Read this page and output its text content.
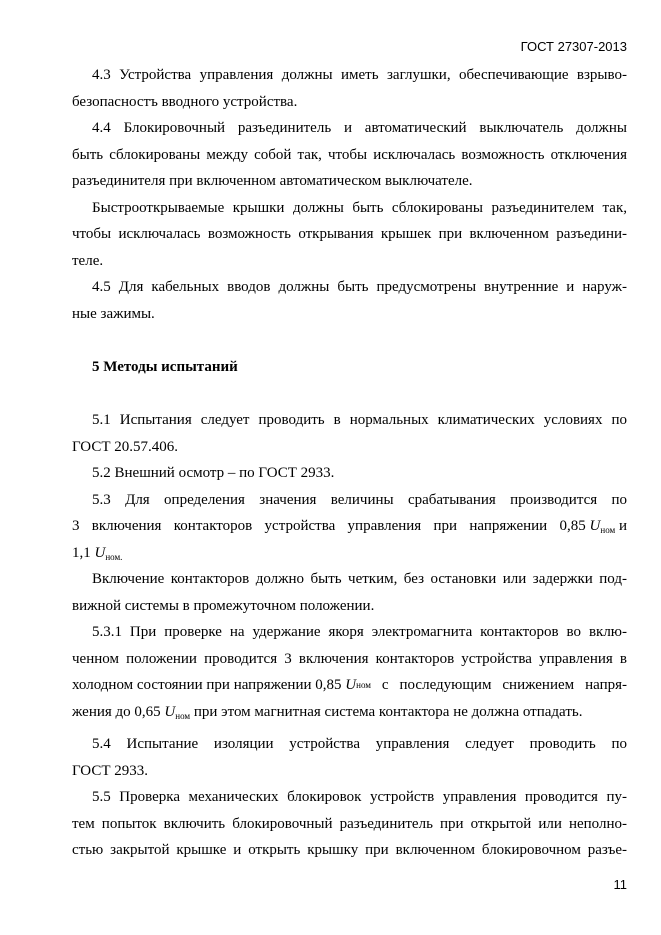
ГОСТ 27307-2013
4.3 Устройства управления должны иметь заглушки, обеспечивающие взрыво-
безопасностъ вводного устройства.
4.4 Блокировочный разъединитель и автоматический выключатель должны
быть сблокированы между собой так, чтобы исключалась возможность отключения
разъединителя при включенном автоматическом выключателе.
Быстрооткрываемые крышки должны быть сблокированы разъединителем так,
чтобы исключалась возможность открывания крышек при включенном разъедини-
теле.
4.5 Для кабельных вводов должны быть предусмотрены внутренние и наруж-
ные зажимы.
5 Методы испытаний
5.1 Испытания следует проводить в нормальных климатических условиях по
ГОСТ 20.57.406.
5.2 Внешний осмотр – по ГОСТ 2933.
5.3 Для определения значения величины срабатывания производится по
3 включения контакторов устройства управления при напряжении 0,85 $U_{ном}$ и
1,1 $U_{ном.}$
Включение контакторов должно быть четким, без остановки или задержки под-
вижной системы в промежуточном положении.
5.3.1 При проверке на удержание якоря электромагнита контакторов во вклю-
ченном положении проводится 3 включения контакторов устройства управления в
холодном состоянии при напряжении 0,85 U ном с последующим снижением напря-
жения до 0,65 $U_{ном}$ при этом магнитная система контактора не должна отпадать.
5.4 Испытание изоляции устройства управления следует проводить по
ГОСТ 2933.
5.5 Проверка механических блокировок устройств управления проводится пу-
тем попыток включить блокировочный разъединитель при открытой или неполно-
стью закрытой крышке и открыть крышку при включенном блокировочном разъе-
11
